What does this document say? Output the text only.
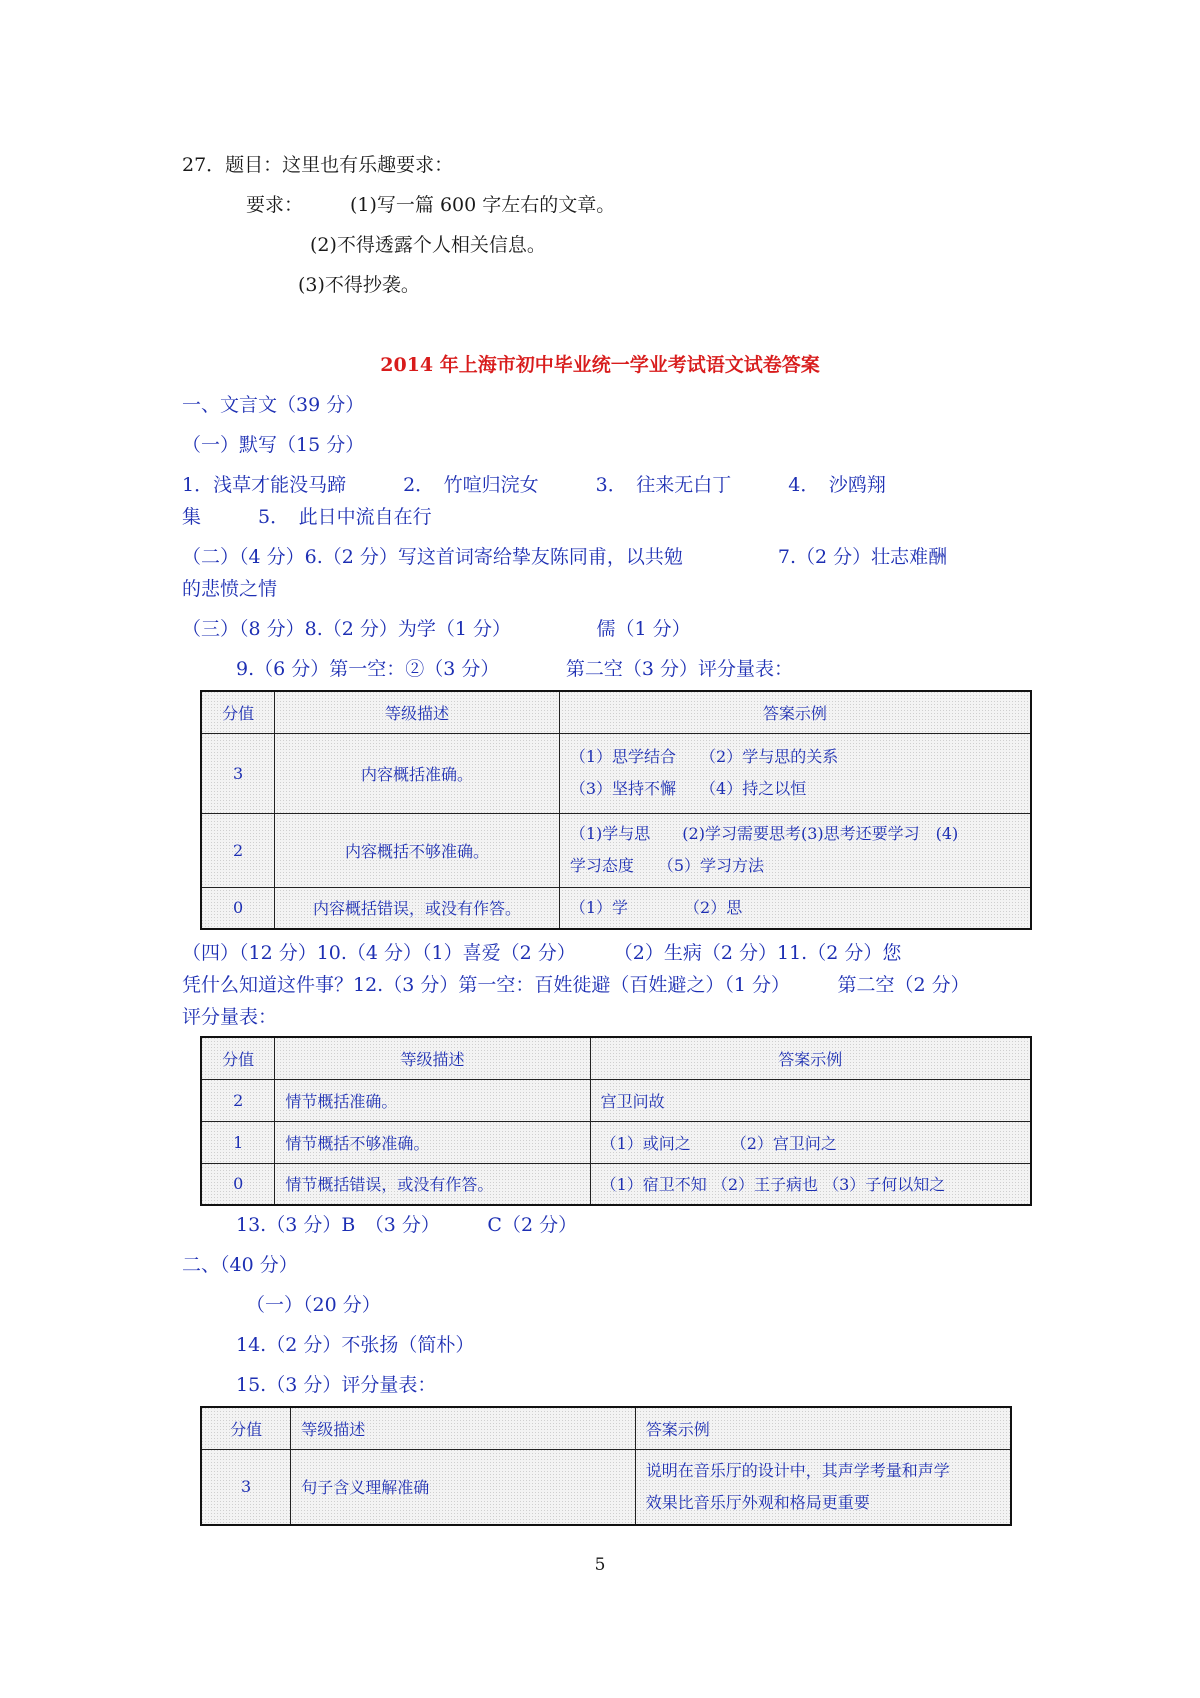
27．题目：这里也有乐趣要求：
要求： (1)写一篇 600 字左右的文章。
(2)不得透露个人相关信息。
(3)不得抄袭。
2014 年上海市初中毕业统一学业考试语文试卷答案
一、文言文（39 分）
（一）默写（15 分）
1．浅草才能没马蹄　　　2．　竹喧归浣女　　　3．　往来无白丁　　　4．　沙鸥翔
集　　　5．　此日中流自在行
（二）（4 分）6.（2 分）写这首词寄给挚友陈同甫，以共勉　　　　　7.（2 分）壮志难酬
的悲愤之情
（三）（8 分）8.（2 分）为学（1 分）　　　　　儒（1 分）
9.（6 分）第一空：②（3 分）　　　　第二空（3 分）评分量表：
分值	等级描述	答案示例
3	内容概括准确。	（1）思学结合　　（2）学与思的关系
（3）坚持不懈　　（4）持之以恒

2	内容概括不够准确。	（1)学与思　　(2)学习需要思考(3)思考还要学习　(4)
学习态度　　（5）学习方法

0	内容概括错误，或没有作答。	（1）学　　　　（2）思
（四）（12 分）10.（4 分）（1）喜爱（2 分）　　　（2）生病（2 分）11.（2 分）您
凭什么知道这件事？12.（3 分）第一空：百姓徙避（百姓避之）（1 分）　　　第二空（2 分）
评分量表：
分值	等级描述	答案示例
2	情节概括准确。	宫卫问故
1	情节概括不够准确。	（1）或问之　　　（2）宫卫问之
0	情节概括错误，或没有作答。	（1）宿卫不知 （2）王子病也 （3）子何以知之
13.（3 分）B　（3 分）　　　C（2 分）
二、（40 分）
（一）（20 分）
14.（2 分）不张扬（简朴）
15.（3 分）评分量表：
分值	等级描述	答案示例
3	句子含义理解准确	说明在音乐厅的设计中，其声学考量和声学
效果比音乐厅外观和格局更重要
5
